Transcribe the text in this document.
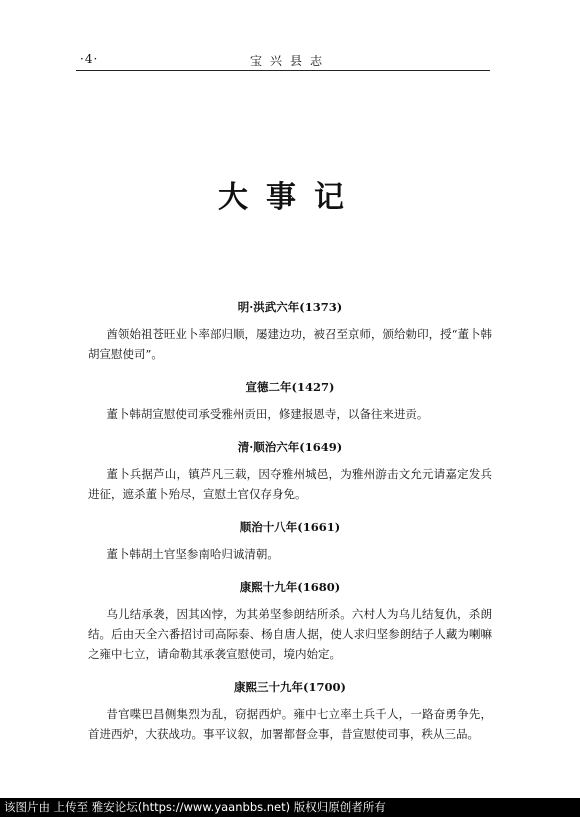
·4·	宝兴县志
大事记

明·洪武六年(1373)

酋领始祖苍旺业卜率部归顺，屡建边功，被召至京师，颁给勅印，授“董卜韩胡宣慰使司”。

宣德二年(1427)

董卜韩胡宣慰使司承受雅州贡田，修建报恩寺，以备往来进贡。

清·顺治六年(1649)

董卜兵据芦山，镇芦凡三载，因夺雅州城邑，为雅州游击文允元请嘉定发兵进征，遮杀董卜殆尽，宣慰土官仅存身免。

顺治十八年(1661)

董卜韩胡土官坚参南哈归诚清朝。

康熙十九年(1680)

乌儿结承袭，因其凶悖，为其弟坚参朗结所杀。六村人为乌儿结复仇，杀朗结。后由天全六番招讨司高际泰、杨自唐人据，使人求归坚参朗结子人藏为喇嘛之雍中七立，请命勒其承袭宣慰使司，境内始定。

康熙三十九年(1700)

昔官喋巴昌侧集烈为乱，窃据西炉。雍中七立率土兵千人，一路奋勇争先，首进西炉，大获战功。事平议叙，加署都督佥事，昔宣慰使司事，秩从三品。

该图片由 上传至 雅安论坛(https://www.yaanbbs.net) 版权归原创者所有
